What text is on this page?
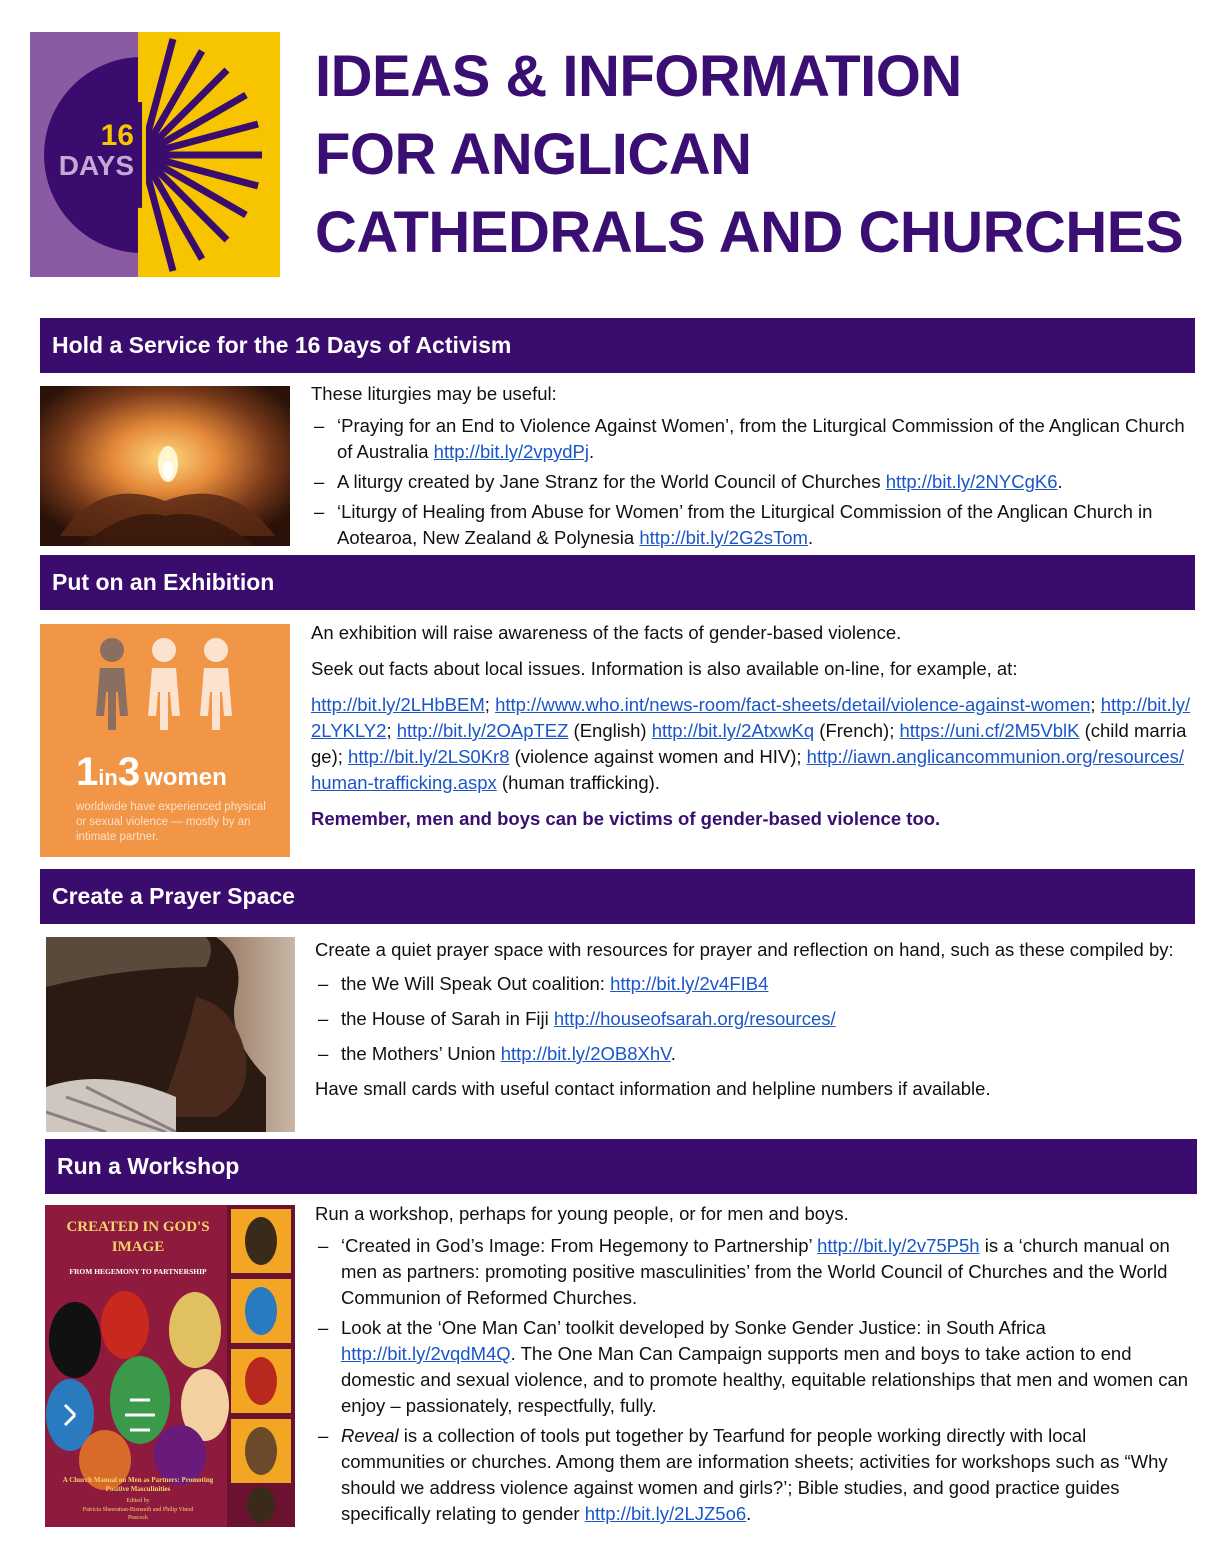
16
DAYS
IDEAS & INFORMATION
FOR ANGLICAN
CATHEDRALS AND CHURCHES
Hold a Service for the 16 Days of Activism

These liturgies may be useful:

– ‘Praying for an End to Violence Against Women’, from the Liturgical Commission of the Anglican Church of Australia http://bit.ly/2vpydPj.
– A liturgy created by Jane Stranz for the World Council of Churches http://bit.ly/2NYCgK6.
– ‘Liturgy of Healing from Abuse for Women’ from the Liturgical Commission of the Anglican Church in Aotearoa, New Zealand & Polynesia http://bit.ly/2G2sTom.
Put on an Exhibition
1in3 women
worldwide have experienced physical or sexual violence — mostly by an intimate partner.

An exhibition will raise awareness of the facts of gender-based violence.

Seek out facts about local issues. Information is also available on-line, for example, at:

http://bit.ly/2LHbBEM; http://www.who.int/news-room/fact-sheets/detail/violence-against-women; http://bit.ly/2LYKLY2; http://bit.ly/2OApTEZ (English) http://bit.ly/2AtxwKq (French); https://uni.cf/2M5VblK (child marriage); http://bit.ly/2LS0Kr8 (violence against women and HIV); http://iawn.anglicancommunion.org/resources/human-trafficking.aspx (human trafficking).

Remember, men and boys can be victims of gender-based violence too.

Create a Prayer Space

Create a quiet prayer space with resources for prayer and reflection on hand, such as these compiled by:

– the We Will Speak Out coalition: http://bit.ly/2v4FIB4
– the House of Sarah in Fiji http://houseofsarah.org/resources/
– the Mothers’ Union http://bit.ly/2OB8XhV.

Have small cards with useful contact information and helpline numbers if available.

Run a Workshop
CREATED IN GOD'S IMAGE
FROM HEGEMONY TO PARTNERSHIP
A Church Manual on Men as Partners: Promoting Positive Masculinities
Edited by
Patricia Sheerattan-Bisnauth and Philip Vinod Peacock

Run a workshop, perhaps for young people, or for men and boys.

– ‘Created in God’s Image: From Hegemony to Partnership’ http://bit.ly/2v75P5h is a ‘church manual on men as partners: promoting positive masculinities’ from the World Council of Churches and the World Communion of Reformed Churches.
– Look at the ‘One Man Can’ toolkit developed by Sonke Gender Justice: in South Africa http://bit.ly/2vqdM4Q. The One Man Can Campaign supports men and boys to take action to end domestic and sexual violence, and to promote healthy, equitable relationships that men and women can enjoy – passionately, respectfully, fully.
– Reveal is a collection of tools put together by Tearfund for people working directly with local communities or churches. Among them are information sheets; activities for workshops such as “Why should we address violence against women and girls?’; Bible studies, and good practice guides specifically relating to gender http://bit.ly/2LJZ5o6.
